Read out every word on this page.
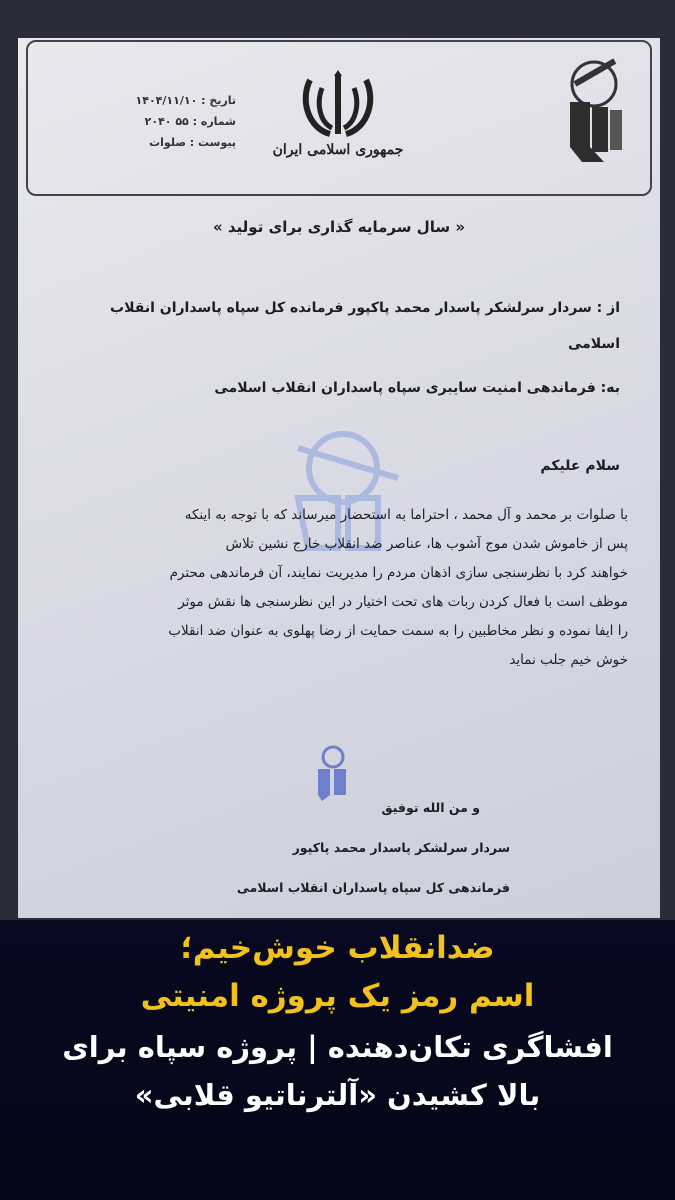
جمهوری اسلامی ایران
تاریخ : ۱۴۰۴/۱۱/۱۰
شماره : ۵۵ ۲۰۴۰
پیوست : صلوات
« سال سرمایه گذاری برای تولید »
از : سردار سرلشکر پاسدار محمد پاکپور فرمانده کل سپاه پاسداران انقلاب
اسلامی
به: فرماندهی امنیت سایبری سپاه پاسداران انقلاب اسلامی
سلام علیکم
با صلوات بر محمد و آل محمد ، احتراما به استحضار میرساند که با توجه به اینکه
پس از خاموش شدن موج آشوب ها، عناصر ضد انقلاب خارج نشین تلاش
خواهند کرد با نظرسنجی سازی اذهان مردم را مدیریت نمایند، آن فرماندهی محترم
موظف است با فعال کردن ربات های تحت اختیار در این نظرسنجی ها نقش موثر
را ایفا نموده و نظر مخاطبین را به سمت حمایت از رضا پهلوی به عنوان ضد انقلاب
خوش خیم جلب نماید
و من الله توفیق
سردار سرلشکر پاسدار محمد پاکپور
فرماندهی کل سپاه پاسداران انقلاب اسلامی
ضدانقلاب خوش‌خیم؛
اسم رمز یک پروژه امنیتی
افشاگری تکان‌دهنده | پروژه سپاه برای
بالا کشیدن «آلترناتیو قلابی»
